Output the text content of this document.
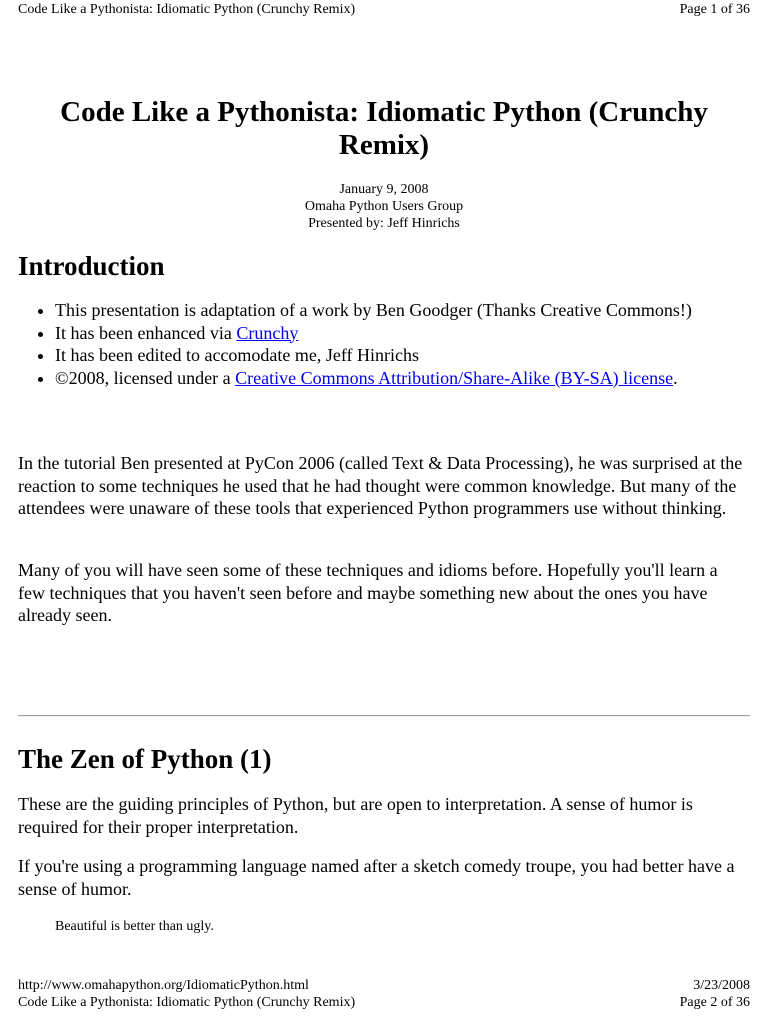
Code Like a Pythonista: Idiomatic Python (Crunchy Remix)	Page 1 of 36
Code Like a Pythonista: Idiomatic Python (Crunchy Remix)
January 9, 2008
Omaha Python Users Group
Presented by: Jeff Hinrichs
Introduction
• This presentation is adaptation of a work by Ben Goodger (Thanks Creative Commons!)
• It has been enhanced via Crunchy
• It has been edited to accomodate me, Jeff Hinrichs
• ©2008, licensed under a Creative Commons Attribution/Share-Alike (BY-SA) license.

In the tutorial Ben presented at PyCon 2006 (called Text & Data Processing), he was surprised at the reaction to some techniques he used that he had thought were common knowledge. But many of the attendees were unaware of these tools that experienced Python programmers use without thinking.

Many of you will have seen some of these techniques and idioms before. Hopefully you'll learn a few techniques that you haven't seen before and maybe something new about the ones you have already seen.

The Zen of Python (1)

These are the guiding principles of Python, but are open to interpretation. A sense of humor is required for their proper interpretation.

If you're using a programming language named after a sketch comedy troupe, you had better have a sense of humor.

Beautiful is better than ugly.
http://www.omahapython.org/IdiomaticPython.html
Code Like a Pythonista: Idiomatic Python (Crunchy Remix)
3/23/2008
Page 2 of 36
